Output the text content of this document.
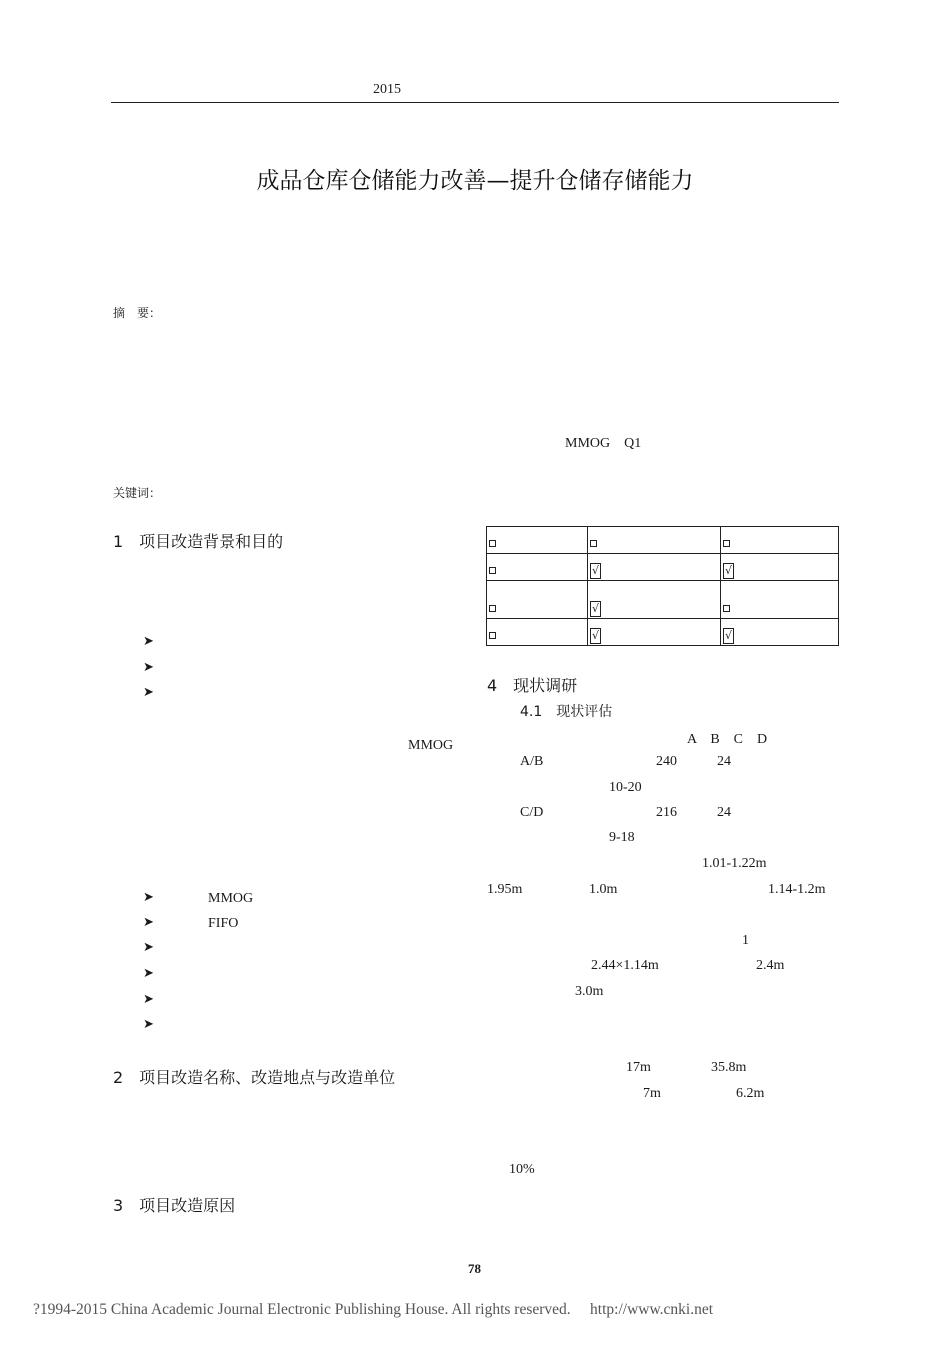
2015
成品仓库仓储能力改善—提升仓储存储能力
摘　要：
MMOG　Q1
关键词：
1　项目改造背景和目的
➤
➤
➤
MMOG
➤	MMOG
➤	FIFO
➤
➤
➤
➤
2　项目改造名称、改造地点与改造单位
3　项目改造原因

	√	√
	√	
	√	√
4　现状调研
4.1　现状评估
A　B　C　D
A/B	240	24
10-20
C/D	216	24
9-18
1.01-1.22m
1.95m	1.0m	1.14-1.2m
1
2.44×1.14m	2.4m
3.0m
17m	35.8m
7m	6.2m
10%
78
?1994-2015 China Academic Journal Electronic Publishing House. All rights reserved.　 http://www.cnki.net
